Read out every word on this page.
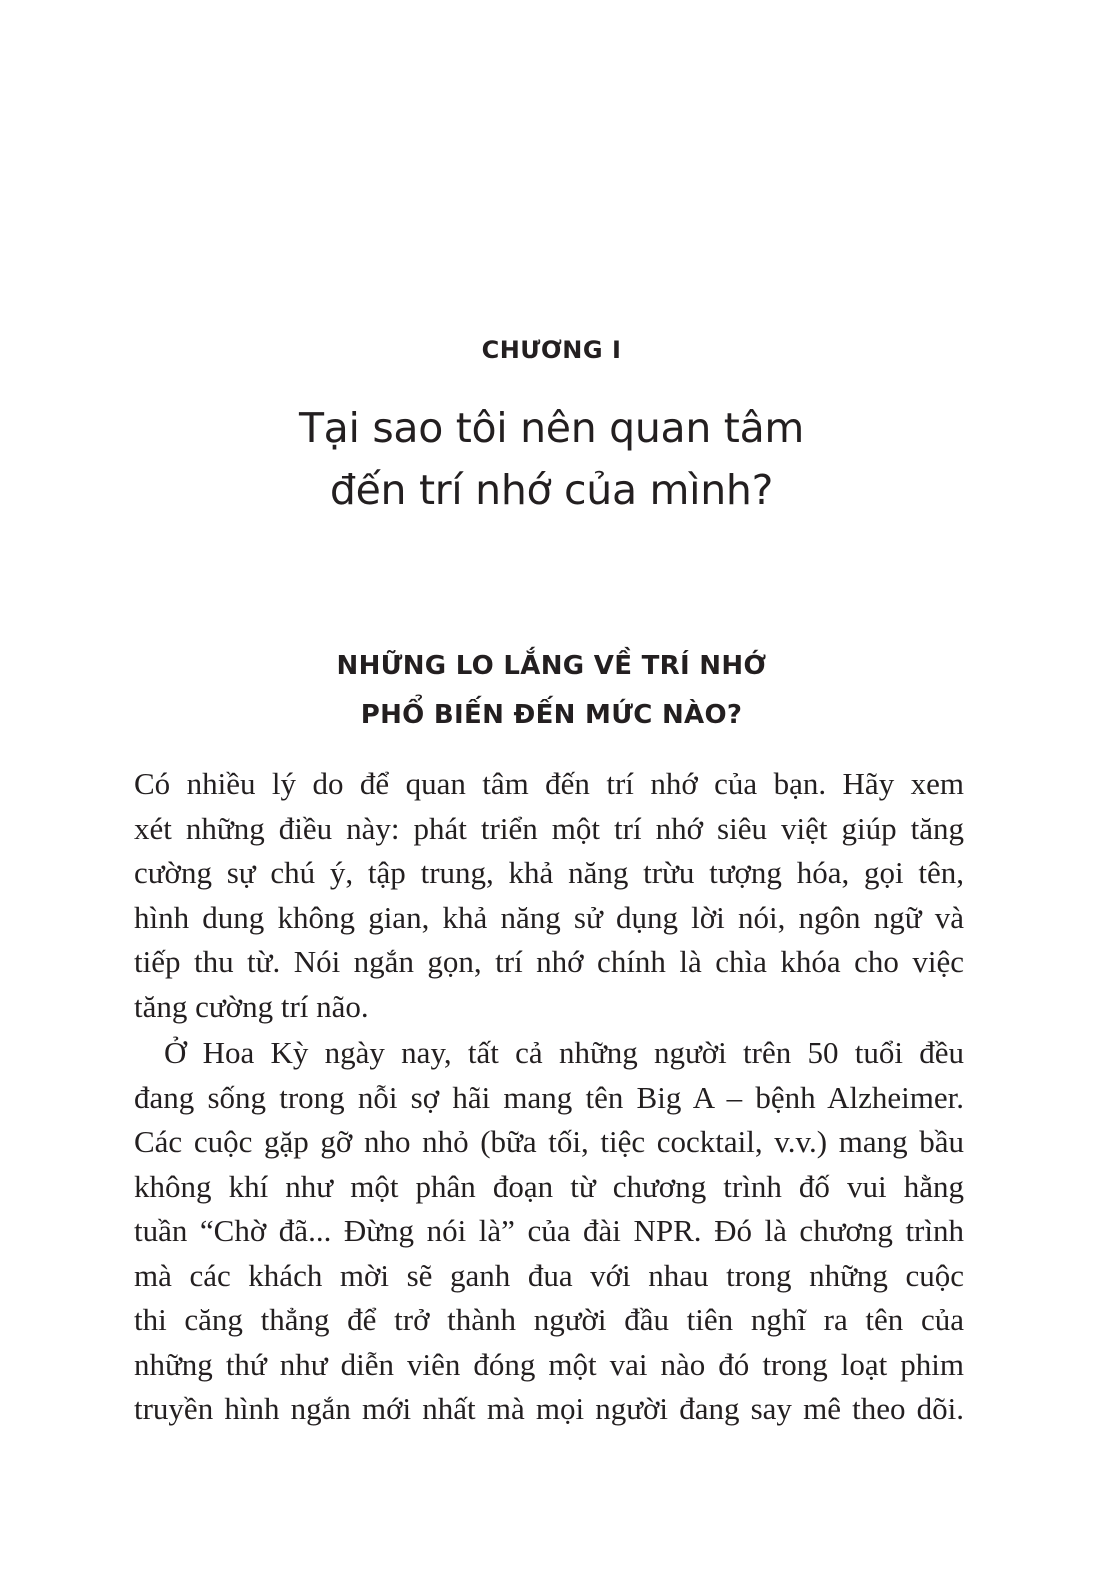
CHƯƠNG I
Tại sao tôi nên quan tâm
đến trí nhớ của mình?
NHỮNG LO LẮNG VỀ TRÍ NHỚ
PHỔ BIẾN ĐẾN MỨC NÀO?
Có nhiều lý do để quan tâm đến trí nhớ của bạn. Hãy xem
xét những điều này: phát triển một trí nhớ siêu việt giúp tăng
cường sự chú ý, tập trung, khả năng trừu tượng hóa, gọi tên,
hình dung không gian, khả năng sử dụng lời nói, ngôn ngữ và
tiếp thu từ. Nói ngắn gọn, trí nhớ chính là chìa khóa cho việc
tăng cường trí não.
Ở Hoa Kỳ ngày nay, tất cả những người trên 50 tuổi đều
đang sống trong nỗi sợ hãi mang tên Big A – bệnh Alzheimer.
Các cuộc gặp gỡ nho nhỏ (bữa tối, tiệc cocktail, v.v.) mang bầu
không khí như một phân đoạn từ chương trình đố vui hằng
tuần “Chờ đã... Đừng nói là” của đài NPR. Đó là chương trình
mà các khách mời sẽ ganh đua với nhau trong những cuộc
thi căng thẳng để trở thành người đầu tiên nghĩ ra tên của
những thứ như diễn viên đóng một vai nào đó trong loạt phim
truyền hình ngắn mới nhất mà mọi người đang say mê theo dõi.
